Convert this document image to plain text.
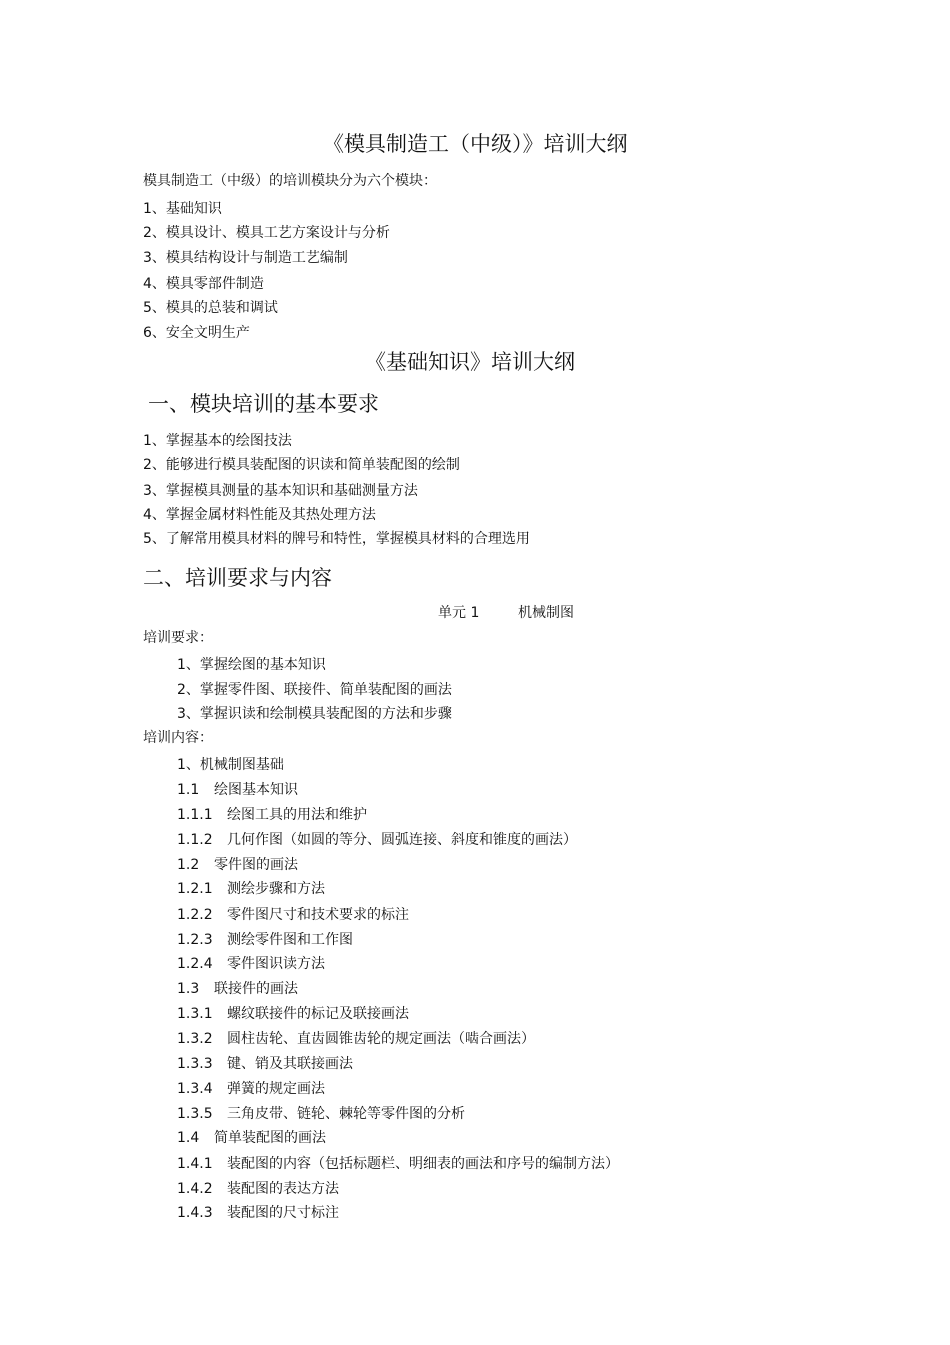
《模具制造工（中级）》培训大纲
模具制造工（中级）的培训模块分为六个模块：
1、基础知识
2、模具设计、模具工艺方案设计与分析
3、模具结构设计与制造工艺编制
4、模具零部件制造
5、模具的总装和调试
6、安全文明生产
《基础知识》培训大纲
一、模块培训的基本要求
1、掌握基本的绘图技法
2、能够进行模具装配图的识读和简单装配图的绘制
3、掌握模具测量的基本知识和基础测量方法
4、掌握金属材料性能及其热处理方法
5、了解常用模具材料的牌号和特性，掌握模具材料的合理选用
二、培训要求与内容
单元 1	机械制图
培训要求：
1、掌握绘图的基本知识
2、掌握零件图、联接件、简单装配图的画法
3、掌握识读和绘制模具装配图的方法和步骤
培训内容：
1、机械制图基础
1.1 绘图基本知识
1.1.1 绘图工具的用法和维护
1.1.2 几何作图（如圆的等分、圆弧连接、斜度和锥度的画法）
1.2 零件图的画法
1.2.1 测绘步骤和方法
1.2.2 零件图尺寸和技术要求的标注
1.2.3 测绘零件图和工作图
1.2.4 零件图识读方法
1.3 联接件的画法
1.3.1 螺纹联接件的标记及联接画法
1.3.2 圆柱齿轮、直齿圆锥齿轮的规定画法（啮合画法）
1.3.3 键、销及其联接画法
1.3.4 弹簧的规定画法
1.3.5 三角皮带、链轮、棘轮等零件图的分析
1.4 简单装配图的画法
1.4.1 装配图的内容（包括标题栏、明细表的画法和序号的编制方法）
1.4.2 装配图的表达方法
1.4.3 装配图的尺寸标注
